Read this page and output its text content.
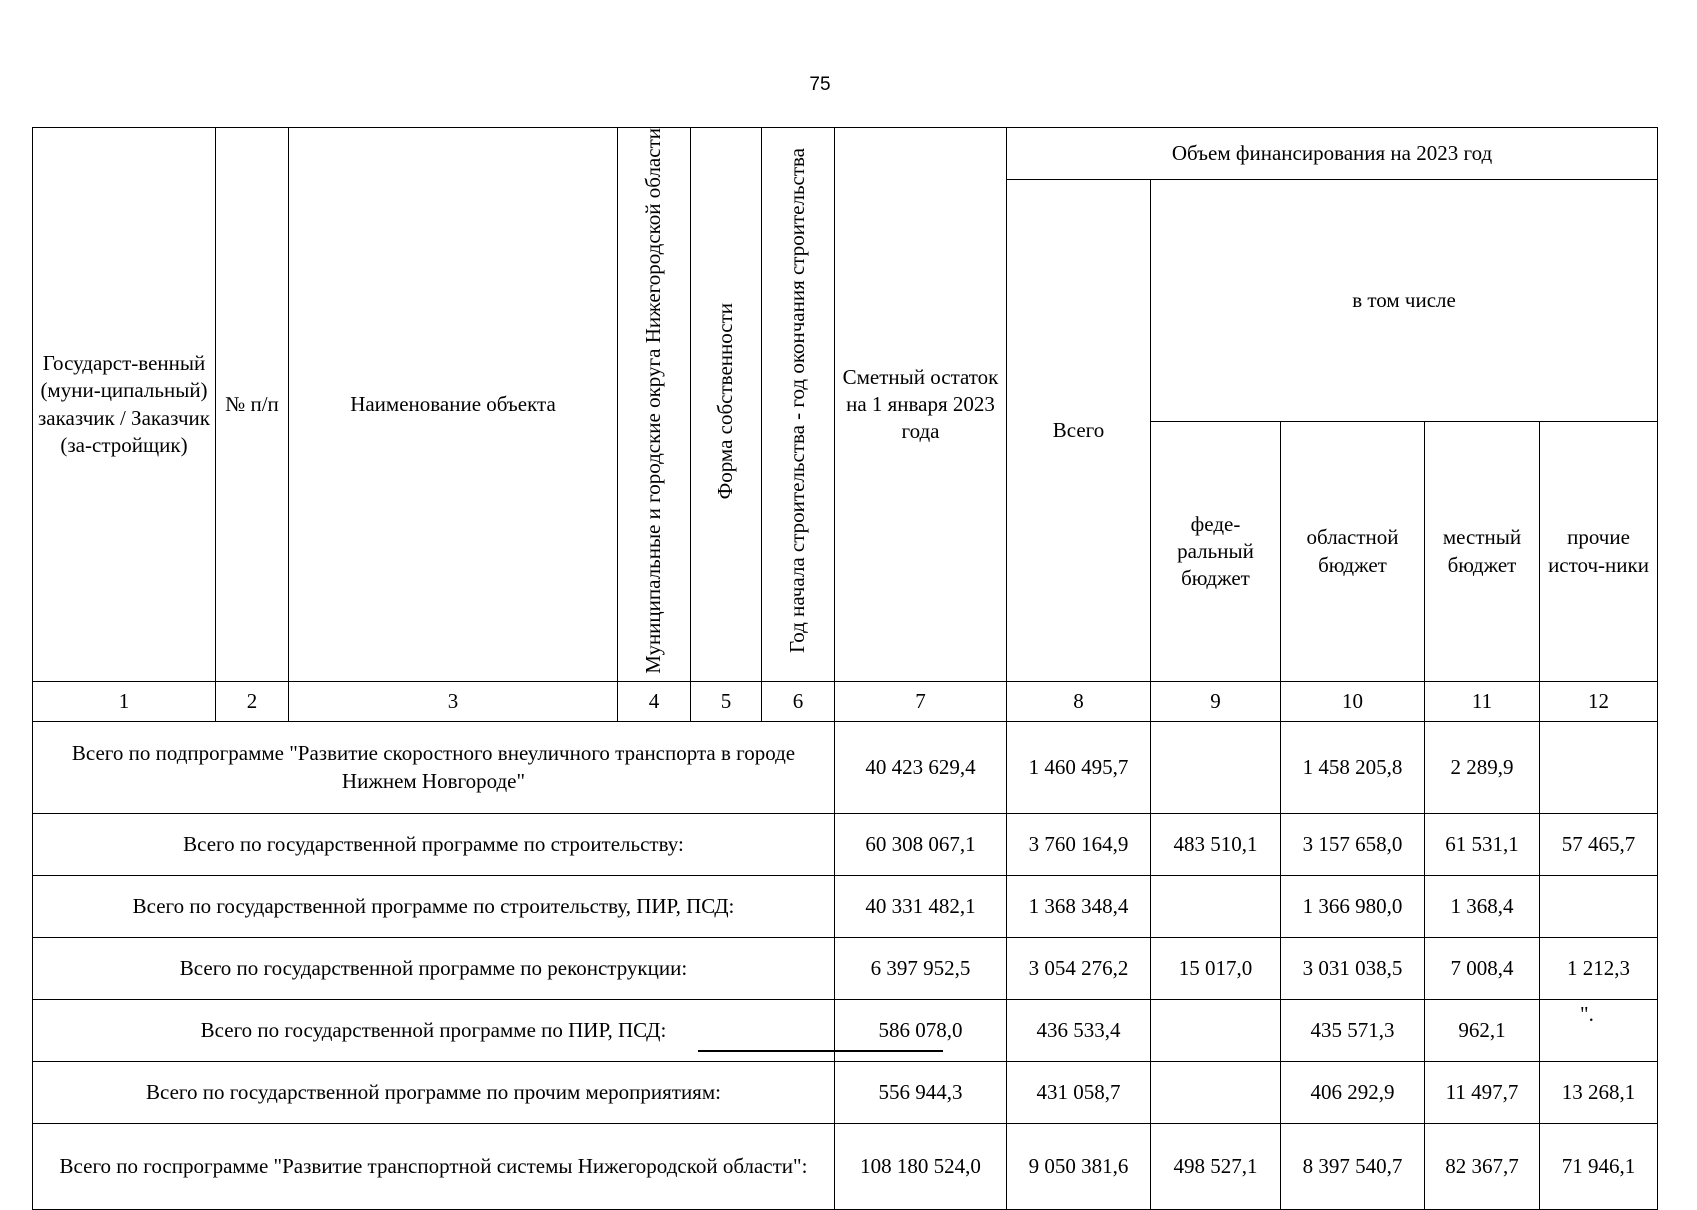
75
Государст-венный (муни-ципальный) заказчик / Заказчик (за-стройщик)	№ п/п	Наименование объекта	Муниципальные и городские округа Нижегородской области	Форма собственности	Год начала строительства - год окончания строительства	Сметный остаток на 1 января 2023 года	Объем финансирования на 2023 год				
							Всего	в том числе			
								феде-ральный бюджет	областной бюджет	местный бюджет	прочие источ-ники
1	2	3	4	5	6	7	8	9	10	11	12
Всего по подпрограмме "Развитие скоростного внеуличного транспорта в городе Нижнем Новгороде"						40 423 629,4	1 460 495,7		1 458 205,8	2 289,9	
Всего по государственной программе по строительству:						60 308 067,1	3 760 164,9	483 510,1	3 157 658,0	61 531,1	57 465,7
Всего по государственной программе по строительству, ПИР, ПСД:						40 331 482,1	1 368 348,4		1 366 980,0	1 368,4	
Всего по государственной программе по реконструкции:						6 397 952,5	3 054 276,2	15 017,0	3 031 038,5	7 008,4	1 212,3
Всего по государственной программе по ПИР, ПСД:						586 078,0	436 533,4		435 571,3	962,1	
Всего по государственной программе по прочим мероприятиям:						556 944,3	431 058,7		406 292,9	11 497,7	13 268,1
Всего по госпрограмме "Развитие транспортной системы Нижегородской области":						108 180 524,0	9 050 381,6	498 527,1	8 397 540,7	82 367,7	71 946,1
".
